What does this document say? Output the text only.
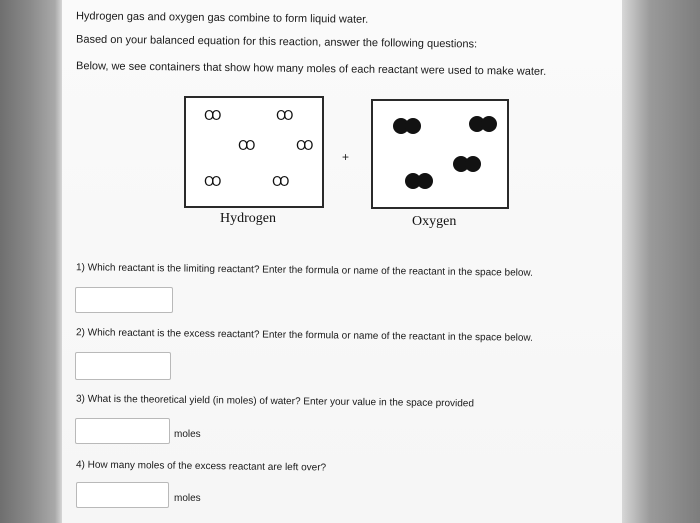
Hydrogen gas and oxygen gas combine to form liquid water.
Based on your balanced equation for this reaction, answer the following questions:
Below, we see containers that show how many moles of each reactant were used to make water.
OO	OO
OO	OO
OO	OO
Hydrogen
+
Oxygen
1) Which reactant is the limiting reactant? Enter the formula or name of the reactant in the space below.
2) Which reactant is the excess reactant? Enter the formula or name of the reactant in the space below.
3) What is the theoretical yield (in moles) of water? Enter your value in the space provided
moles
4) How many moles of the excess reactant are left over?
moles
